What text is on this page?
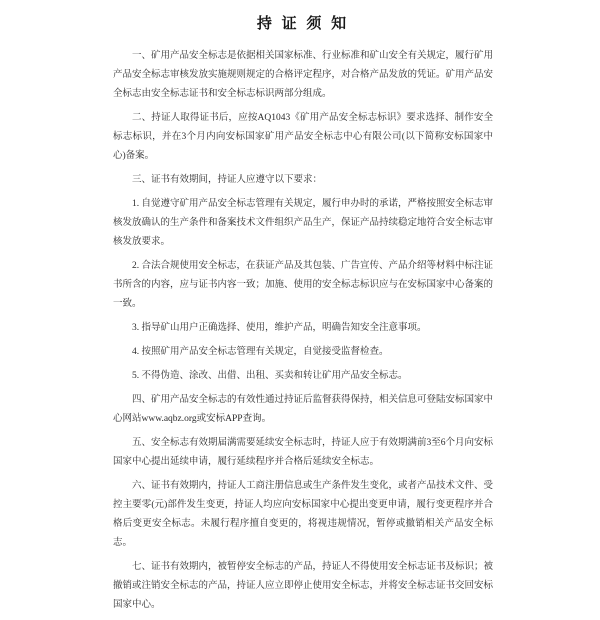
持 证 须 知

一、矿用产品安全标志是依据相关国家标准、行业标准和矿山安全有关规定，履行矿用产品安全标志审核发放实施规则规定的合格评定程序，对合格产品发放的凭证。矿用产品安全标志由安全标志证书和安全标志标识两部分组成。

二、持证人取得证书后，应按AQ1043《矿用产品安全标志标识》要求选择、制作安全标志标识，并在3个月内向安标国家矿用产品安全标志中心有限公司(以下简称安标国家中心)备案。

三、证书有效期间，持证人应遵守以下要求：

1. 自觉遵守矿用产品安全标志管理有关规定，履行申办时的承诺，严格按照安全标志审核发放确认的生产条件和备案技术文件组织产品生产，保证产品持续稳定地符合安全标志审核发放要求。

2. 合法合规使用安全标志，在获证产品及其包装、广告宣传、产品介绍等材料中标注证书所含的内容，应与证书内容一致；加施、使用的安全标志标识应与在安标国家中心备案的一致。

3. 指导矿山用户正确选择、使用，维护产品，明确告知安全注意事项。

4. 按照矿用产品安全标志管理有关规定，自觉接受监督检查。

5. 不得伪造、涂改、出借、出租、买卖和转让矿用产品安全标志。

四、矿用产品安全标志的有效性通过持证后监督获得保持，相关信息可登陆安标国家中心网站www.aqbz.org或安标APP查询。

五、安全标志有效期届满需要延续安全标志时，持证人应于有效期满前3至6个月向安标国家中心提出延续申请，履行延续程序并合格后延续安全标志。

六、证书有效期内，持证人工商注册信息或生产条件发生变化，或者产品技术文件、受控主要零(元)部件发生变更，持证人均应向安标国家中心提出变更申请，履行变更程序并合格后变更安全标志。未履行程序擅自变更的，将视违规情况，暂停或撤销相关产品安全标志。

七、证书有效期内，被暂停安全标志的产品，持证人不得使用安全标志证书及标识；被撤销或注销安全标志的产品，持证人应立即停止使用安全标志，并将安全标志证书交回安标国家中心。
